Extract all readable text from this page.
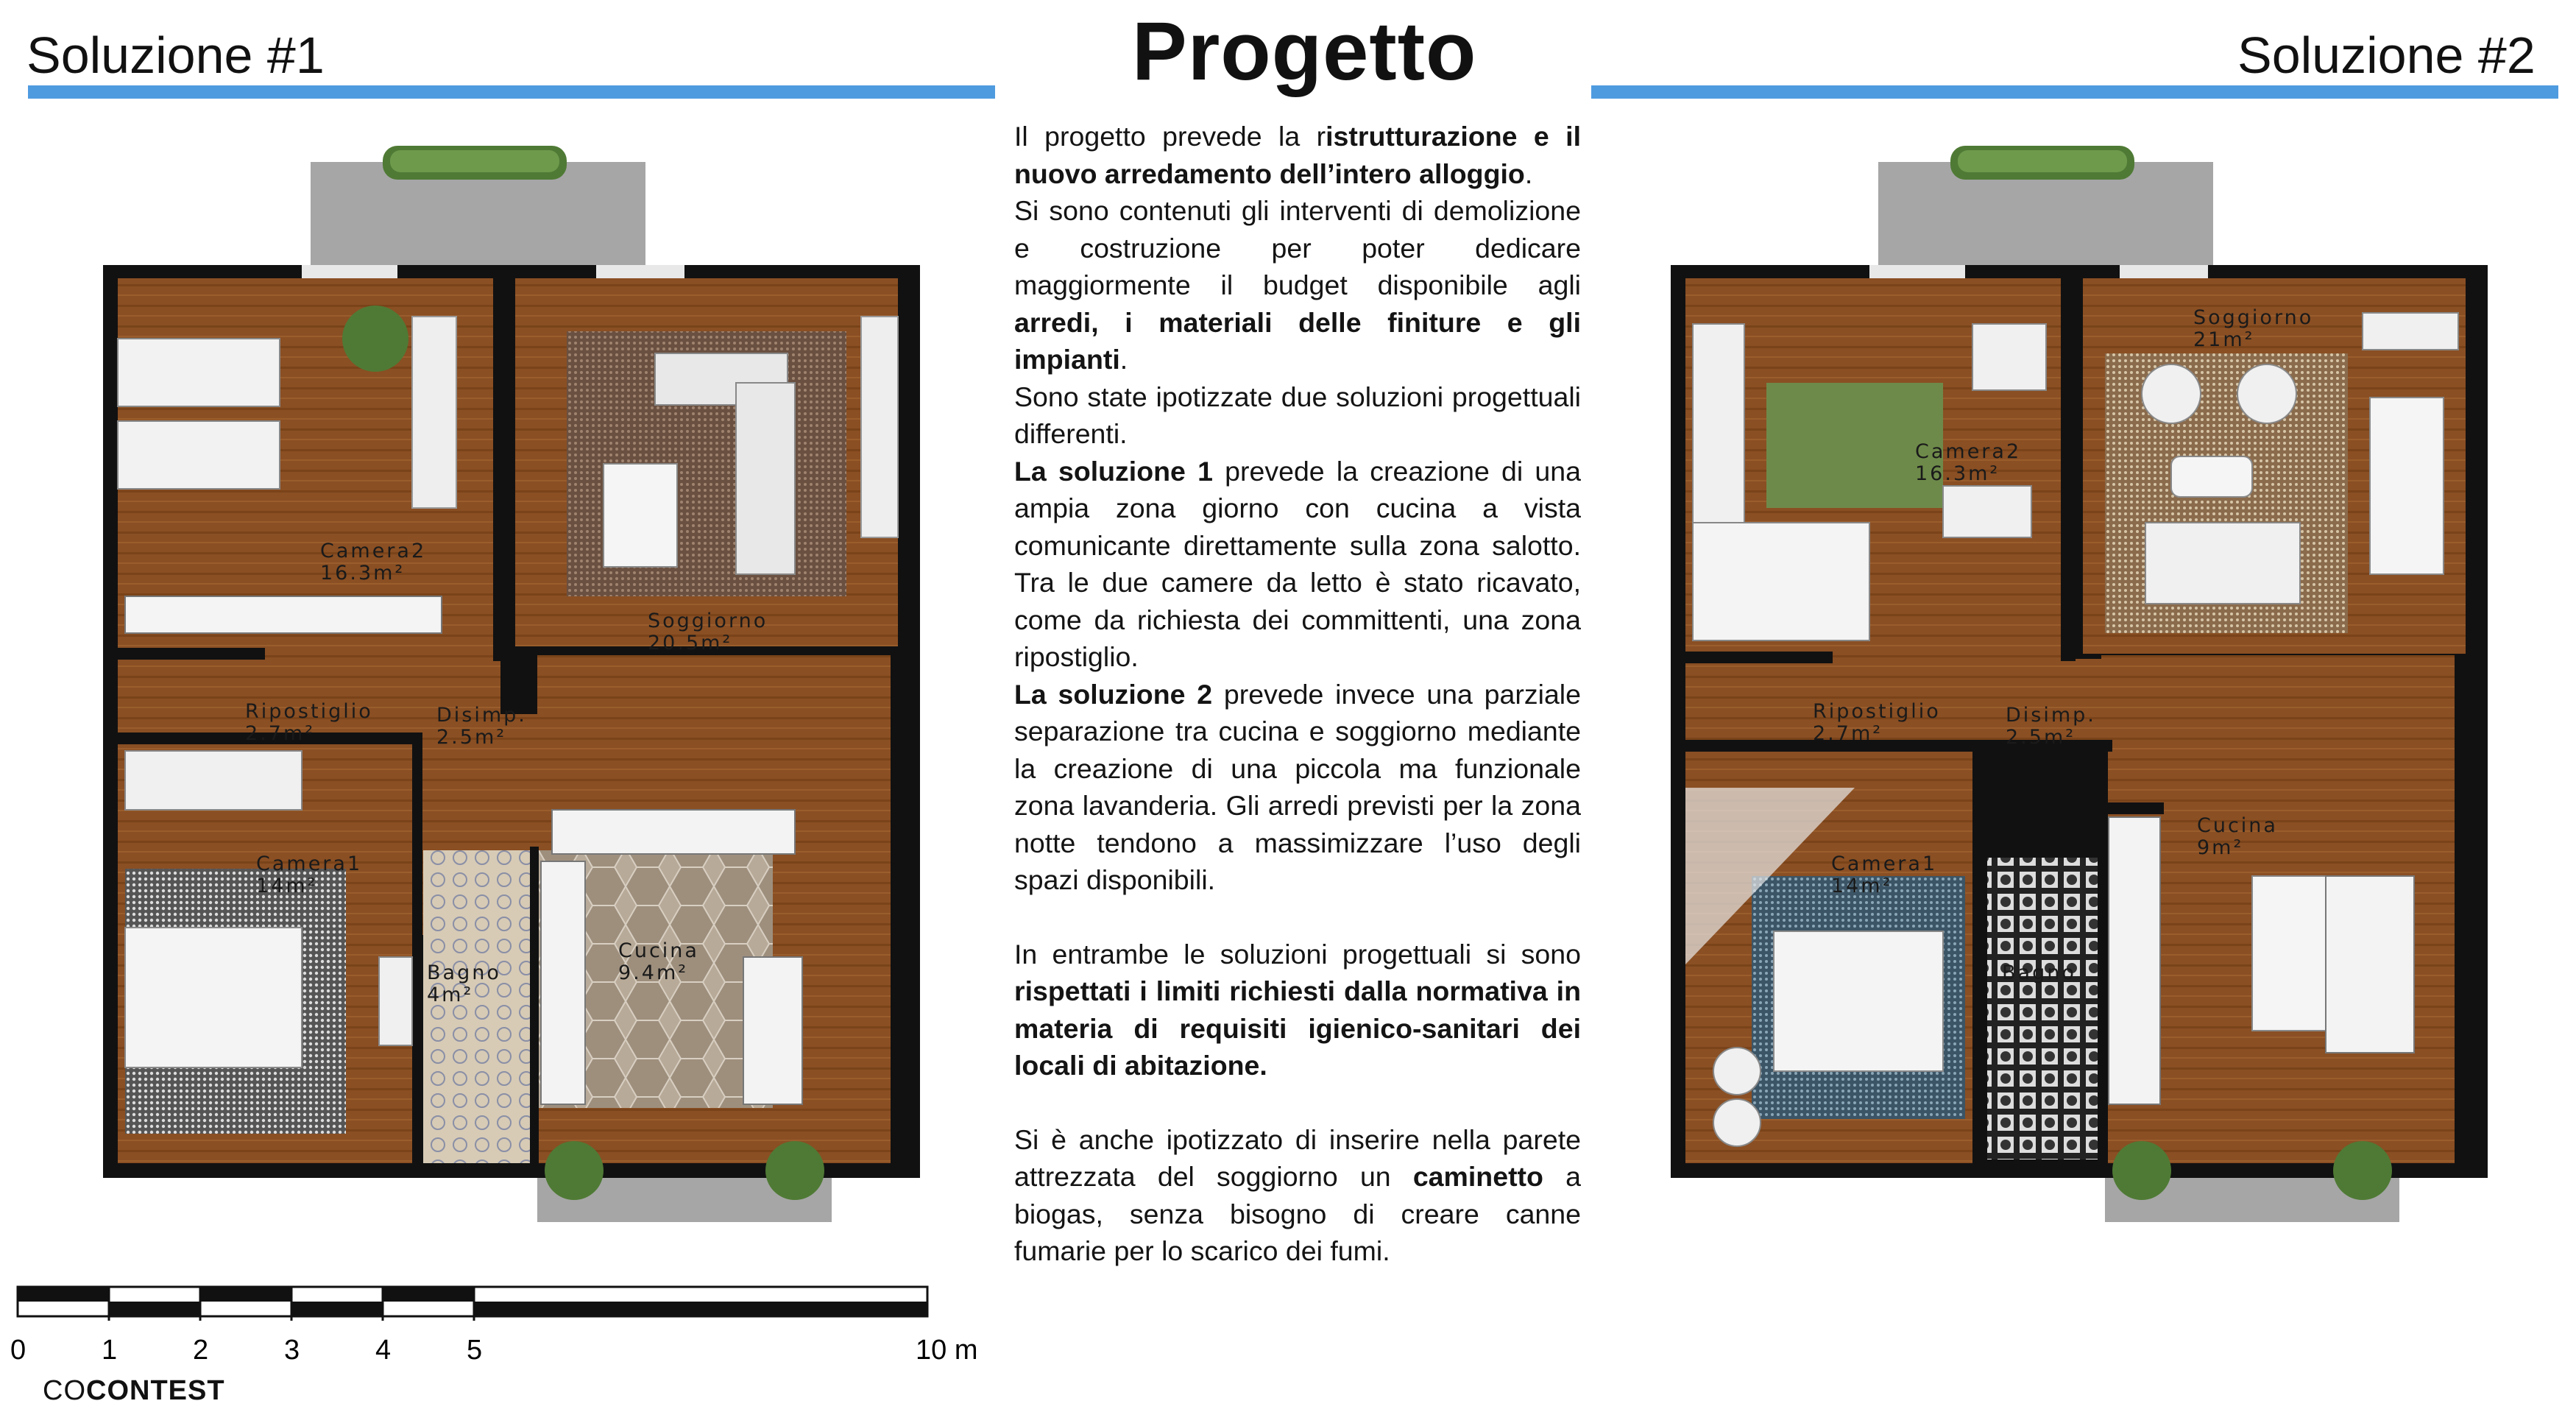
Soluzione #1	Progetto	Soluzione #2

Il progetto prevede la ristrutturazione e il nuovo arredamento dell’intero alloggio.

Si sono contenuti gli interventi di demolizione e costruzione per poter dedicare maggiormente il budget disponibile agli arredi, i materiali delle finiture e gli impianti.

Sono state ipotizzate due soluzioni progettuali differenti.

La soluzione 1 prevede la creazione di una ampia zona giorno con cucina a vista comunicante direttamente sulla zona salotto. Tra le due camere da letto è stato ricavato, come da richiesta dei committenti, una zona ripostiglio.

La soluzione 2 prevede invece una parziale separazione tra cucina e soggiorno mediante la creazione di una piccola ma funzionale zona lavanderia. Gli arredi previsti per la zona notte tendono a massimizzare l’uso degli spazi disponibili.

In entrambe le soluzioni progettuali si sono rispettati i limiti richiesti dalla normativa in materia di requisiti igienico-sanitari dei locali di abitazione.

Si è anche ipotizzato di inserire nella parete attrezzata del soggiorno un caminetto a biogas, senza bisogno di creare canne fumarie per lo scarico dei fumi.

Camera2
16.3m²
Soggiorno
20.5m²
Ripostiglio
2.7m²
Disimp.
2.5m²
Camera1
14m²
Bagno
4m²
Cucina
9.4m²
Soggiorno
21m²
Camera2
16.3m²
Ripostiglio
2.7m²
Disimp.
2.5m²
Cucina
9m²
Camera1
14m²
Bagno
0	1	2	3	4	5	10 m
COCONTEST
